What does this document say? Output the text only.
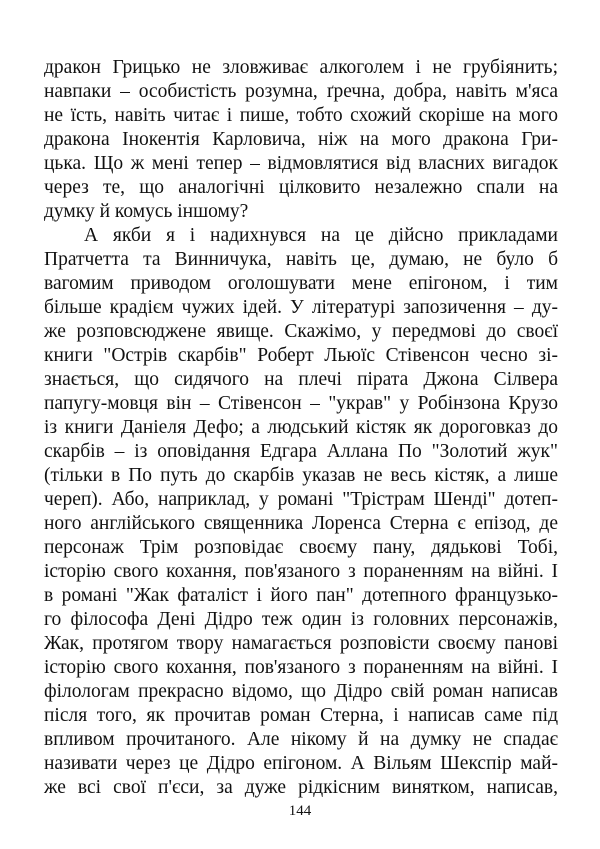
дракон Грицько не зловживає алкоголем і не грубіянить;
навпаки – особистість розумна, ґречна, добра, навіть м'яса
не їсть, навіть читає і пише, тобто схожий скоріше на мого
дракона Інокентія Карловича, ніж на мого дракона Гри-
цька. Що ж мені тепер – відмовлятися від власних вигадок
через те, що аналогічні цілковито незалежно спали на
думку й комусь іншому?
А якби я і надихнувся на це дійсно прикладами
Пратчетта та Винничука, навіть це, думаю, не було б
вагомим приводом оголошувати мене епігоном, і тим
більше крадієм чужих ідей. У літературі запозичення – ду-
же розповсюджене явище. Скажімо, у передмові до своєї
книги "Острів скарбів" Роберт Льюїс Стівенсон чесно зі-
знається, що сидячого на плечі пірата Джона Сілвера
папугу-мовця він – Стівенсон – "украв" у Робінзона Крузо
із книги Даніеля Дефо; а людський кістяк як дороговказ до
скарбів – із оповідання Едгара Аллана По "Золотий жук"
(тільки в По путь до скарбів указав не весь кістяк, а лише
череп). Або, наприклад, у романі "Трістрам Шенді" дотеп-
ного англійського священника Лоренса Стерна є епізод, де
персонаж Трім розповідає своєму пану, дядькові Тобі,
історію свого кохання, пов'язаного з пораненням на війні. І
в романі "Жак фаталіст і його пан" дотепного французько-
го філософа Дені Дідро теж один із головних персонажів,
Жак, протягом твору намагається розповісти своєму панові
історію свого кохання, пов'язаного з пораненням на війні. І
філологам прекрасно відомо, що Дідро свій роман написав
після того, як прочитав роман Стерна, і написав саме під
впливом прочитаного. Але нікому й на думку не спадає
називати через це Дідро епігоном. А Вільям Шекспір май-
же всі свої п'єси, за дуже рідкісним винятком, написав,
144
